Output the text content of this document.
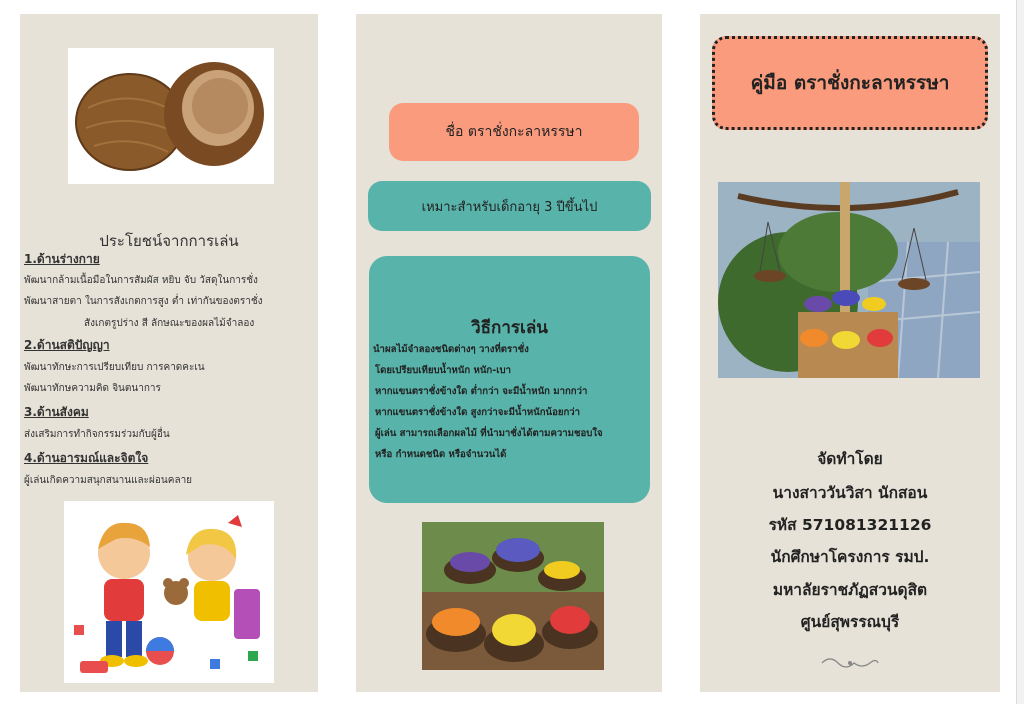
ประโยชน์จากการเล่น
1.ด้านร่างกาย
พัฒนากล้ามเนื้อมือในการสัมผัส หยิบ จับ วัสดุในการชั่ง
พัฒนาสายตา ในการสังเกตการสูง ต่ำ เท่ากันของตราชั่ง
สังเกตรูปร่าง สี ลักษณะของผลไม้จำลอง
2.ด้านสติปัญญา
พัฒนาทักษะการเปรียบเทียบ การคาดคะเน
พัฒนาทักษความคิด จินตนาการ
3.ด้านสังคม
ส่งเสริมการทำกิจกรรมร่วมกับผู้อื่น
4.ด้านอารมณ์และจิตใจ
ผู้เล่นเกิดความสนุกสนานและผ่อนคลาย
ชื่อ ตราชั่งกะลาหรรษา
เหมาะสำหรับเด็กอายุ 3 ปีขึ้นไป
วิธีการเล่น
นำผลไม้จำลองชนิดต่างๆ วางที่ตราชั่ง
โดยเปรียบเทียบน้ำหนัก หนัก-เบา
หากแขนตราชั่งข้างใด ต่ำกว่า จะมีน้ำหนัก มากกว่า
หากแขนตราชั่งข้างใด สูงกว่าจะมีน้ำหนักน้อยกว่า
ผู้เล่น สามารถเลือกผลไม้ ที่นำมาชั่งได้ตามความชอบใจ
หรือ กำหนดชนิด หรือจำนวนได้
คู่มือ ตราชั่งกะลาหรรษา
จัดทำโดย
นางสาววันวิสา นักสอน
รหัส 571081321126
นักศึกษาโครงการ รมป.
มหาลัยราชภัฏสวนดุสิต
ศูนย์สุพรรณบุรี
